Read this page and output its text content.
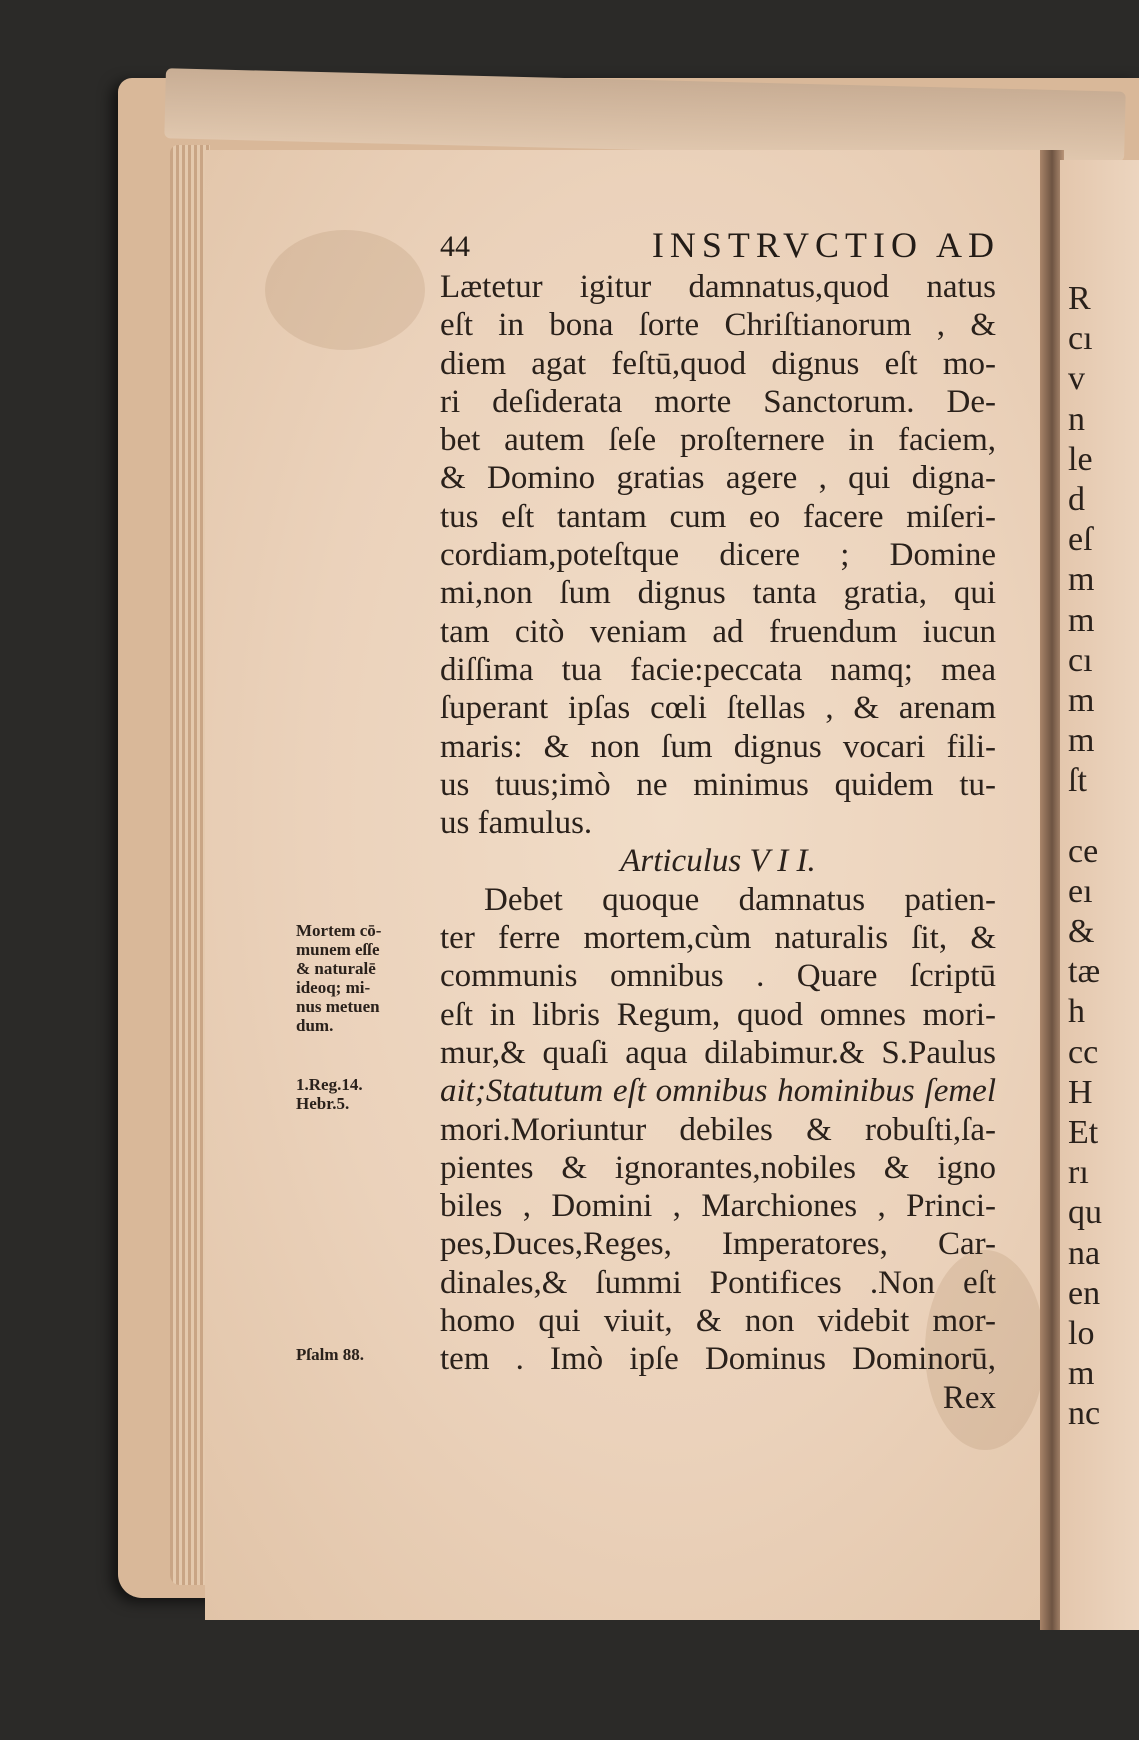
R
cı
v
n
le
d
eſ
m
m
cı
m
m
ſt
ce
eı
&
tæ
h
cc
H
Et
rı
qu
na
en
lo
m
nc
44	INSTRVCTIO AD
Lætetur igitur damnatus,quod natus
eſt in bona ſorte Chriſtianorum , &
diem agat feſtū,quod dignus eſt mo-
ri deſiderata morte Sanctorum. De-
bet autem ſeſe proſternere in faciem,
& Domino gratias agere , qui digna-
tus eſt tantam cum eo facere miſeri-
cordiam,poteſtque dicere ; Domine
mi,non ſum dignus tanta gratia, qui
tam citò veniam ad fruendum iucun
diſſima tua facie:peccata namq; mea
ſuperant ipſas cœli ſtellas , & arenam
maris: & non ſum dignus vocari fili-
us tuus;imò ne minimus quidem tu-
us famulus.
Articulus V I I.
Debet quoque damnatus patien-
ter ferre mortem,cùm naturalis ſit, &
communis omnibus . Quare ſcriptū
eſt in libris Regum, quod omnes mori-
mur,& quaſi aqua dilabimur.& S.Paulus
ait;Statutum eſt omnibus hominibus ſemel
mori.Moriuntur debiles & robuſti,ſa-
pientes & ignorantes,nobiles & igno
biles , Domini , Marchiones , Princi-
pes,Duces,Reges, Imperatores, Car-
dinales,& ſummi Pontifices .Non eſt
homo qui viuit, & non videbit mor-
tem . Imò ipſe Dominus Dominorū,
Rex
Mortem cō-
munem eſſe
& naturalē
ideoq; mi-
nus metuen
dum.
1.Reg.14.
Hebr.5.
Pſalm 88.
